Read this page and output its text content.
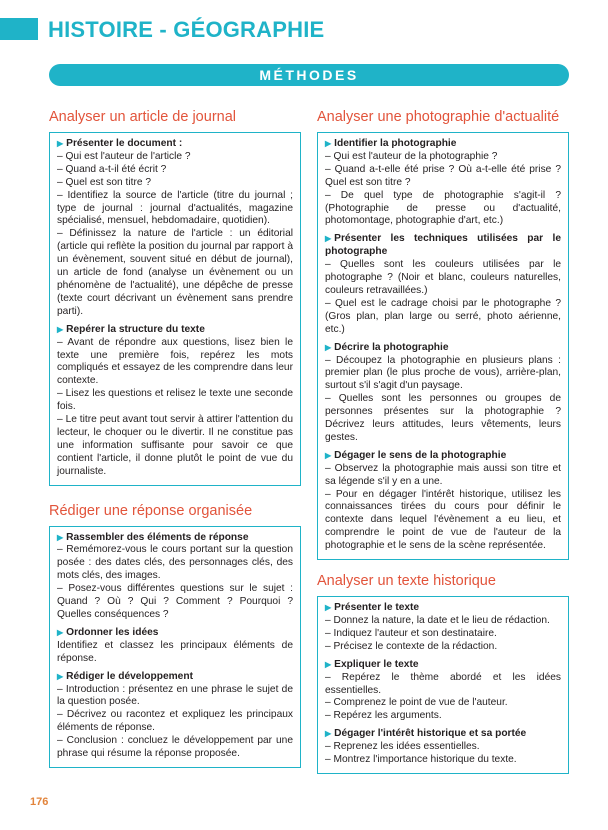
HISTOIRE - GÉOGRAPHIE
MÉTHODES
Analyser un article de journal
▶ Présenter le document :
– Qui est l'auteur de l'article ?
– Quand a-t-il été écrit ?
– Quel est son titre ?
– Identifiez la source de l'article (titre du journal ; type de journal : journal d'actualités, magazine spécialisé, mensuel, hebdomadaire, quotidien).
– Définissez la nature de l'article : un éditorial (article qui reflète la position du journal par rapport à un évènement, souvent situé en début de journal), un article de fond (analyse un évènement ou un phénomène de l'actualité), une dépêche de presse (texte court décrivant un évènement sans prendre parti).
▶ Repérer la structure du texte
– Avant de répondre aux questions, lisez bien le texte une première fois, repérez les mots compliqués et essayez de les comprendre dans leur contexte.
– Lisez les questions et relisez le texte une seconde fois.
– Le titre peut avant tout servir à attirer l'attention du lecteur, le choquer ou le divertir. Il ne constitue pas une information suffisante pour savoir ce que contient l'article, il donne plutôt le point de vue du journaliste.
Rédiger une réponse organisée
▶ Rassembler des éléments de réponse
– Remémorez-vous le cours portant sur la question posée : des dates clés, des personnages clés, des mots clés, des images.
– Posez-vous différentes questions sur le sujet : Quand ? Où ? Qui ? Comment ? Pourquoi ? Quelles conséquences ?
▶ Ordonner les idées
Identifiez et classez les principaux éléments de réponse.
▶ Rédiger le développement
– Introduction : présentez en une phrase le sujet de la question posée.
– Décrivez ou racontez et expliquez les principaux éléments de réponse.
– Conclusion : concluez le développement par une phrase qui résume la réponse proposée.
Analyser une photographie d'actualité
▶ Identifier la photographie
– Qui est l'auteur de la photographie ?
– Quand a-t-elle été prise ? Où a-t-elle été prise ? Quel est son titre ?
– De quel type de photographie s'agit-il ? (Photographie de presse ou d'actualité, photomontage, photographie d'art, etc.)
▶ Présenter les techniques utilisées par le photographe
– Quelles sont les couleurs utilisées par le photographe ? (Noir et blanc, couleurs naturelles, couleurs retravaillées.)
– Quel est le cadrage choisi par le photographe ? (Gros plan, plan large ou serré, photo aérienne, etc.)
▶ Décrire la photographie
– Découpez la photographie en plusieurs plans : premier plan (le plus proche de vous), arrière-plan, surtout s'il s'agit d'un paysage.
– Quelles sont les personnes ou groupes de personnes présentes sur la photographie ? Décrivez leurs attitudes, leurs vêtements, leurs gestes.
▶ Dégager le sens de la photographie
– Observez la photographie mais aussi son titre et sa légende s'il y en a une.
– Pour en dégager l'intérêt historique, utilisez les connaissances tirées du cours pour définir le contexte dans lequel l'évènement a eu lieu, et comprendre le point de vue de l'auteur de la photographie et le sens de la scène représentée.
Analyser un texte historique
▶ Présenter le texte
– Donnez la nature, la date et le lieu de rédaction.
– Indiquez l'auteur et son destinataire.
– Précisez le contexte de la rédaction.
▶ Expliquer le texte
– Repérez le thème abordé et les idées essentielles.
– Comprenez le point de vue de l'auteur.
– Repérez les arguments.
▶ Dégager l'intérêt historique et sa portée
– Reprenez les idées essentielles.
– Montrez l'importance historique du texte.
176
